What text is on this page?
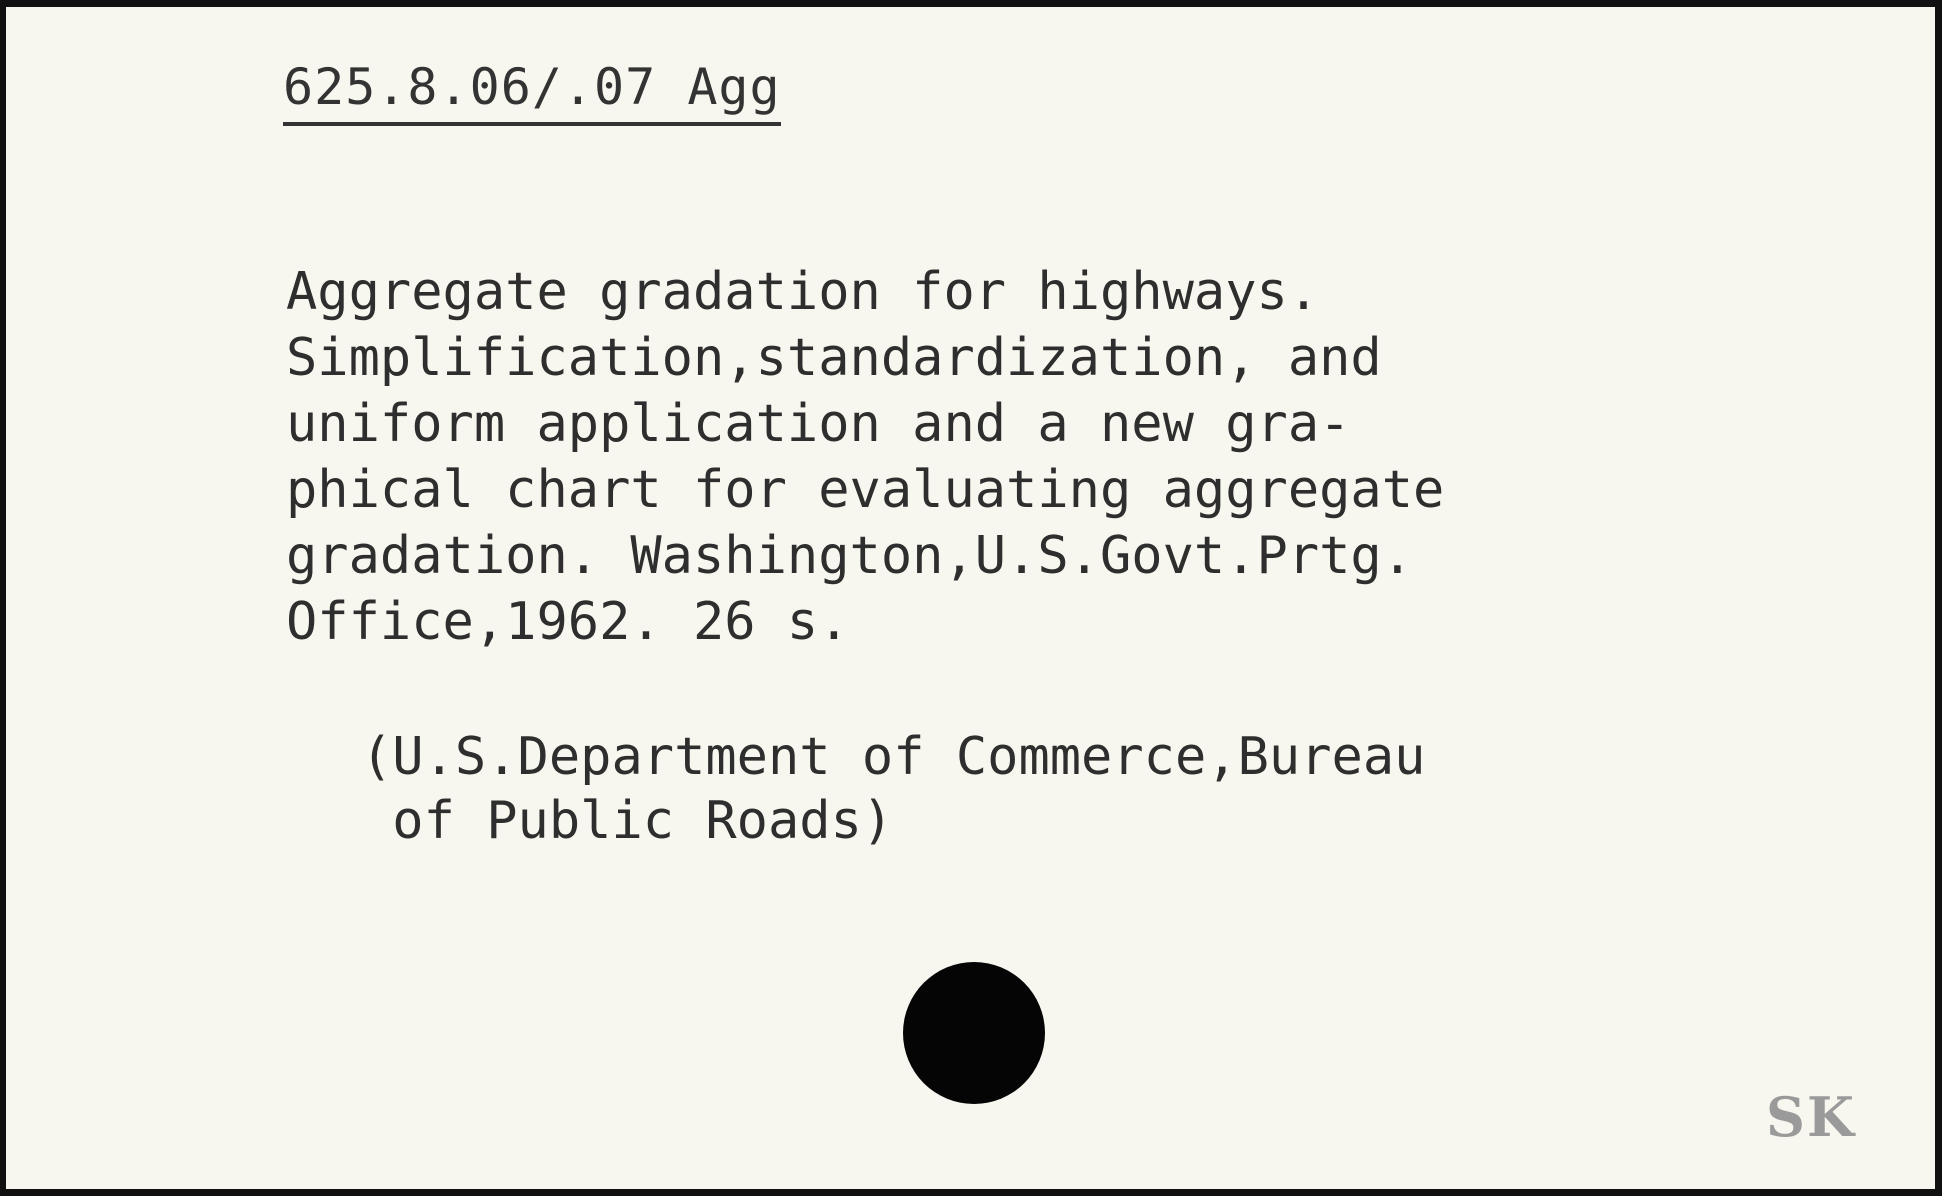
625.8.06/.07 Agg
Aggregate gradation for highways.
Simplification,standardization, and
uniform application and a new gra-
phical chart for evaluating aggregate
gradation. Washington,U.S.Govt.Prtg.
Office,1962. 26 s.
(U.S.Department of Commerce,Bureau
of Public Roads)
SK
